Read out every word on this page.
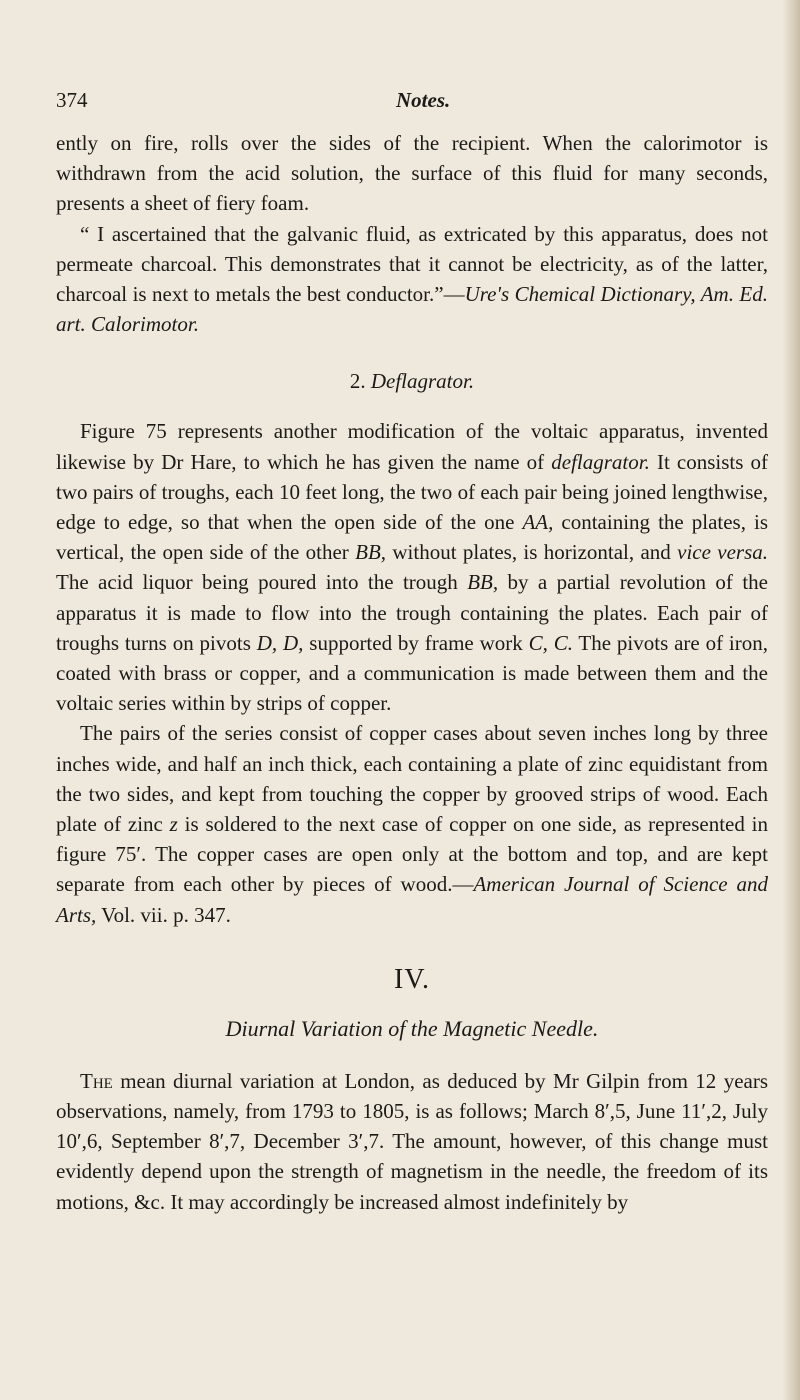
374	Notes.

ently on fire, rolls over the sides of the recipient. When the calorimotor is withdrawn from the acid solution, the surface of this fluid for many seconds, presents a sheet of fiery foam.

“ I ascertained that the galvanic fluid, as extricated by this apparatus, does not permeate charcoal. This demonstrates that it cannot be electricity, as of the latter, charcoal is next to metals the best conductor.”—Ure's Chemical Dictionary, Am. Ed. art. Calorimotor.

2. Deflagrator.

Figure 75 represents another modification of the voltaic apparatus, invented likewise by Dr Hare, to which he has given the name of deflagrator. It consists of two pairs of troughs, each 10 feet long, the two of each pair being joined lengthwise, edge to edge, so that when the open side of the one AA, containing the plates, is vertical, the open side of the other BB, without plates, is horizontal, and vice versa. The acid liquor being poured into the trough BB, by a partial revolution of the apparatus it is made to flow into the trough containing the plates. Each pair of troughs turns on pivots D, D, supported by frame work C, C. The pivots are of iron, coated with brass or copper, and a communication is made between them and the voltaic series within by strips of copper.

The pairs of the series consist of copper cases about seven inches long by three inches wide, and half an inch thick, each containing a plate of zinc equidistant from the two sides, and kept from touching the copper by grooved strips of wood. Each plate of zinc z is soldered to the next case of copper on one side, as represented in figure 75′. The copper cases are open only at the bottom and top, and are kept separate from each other by pieces of wood.—American Journal of Science and Arts, Vol. vii. p. 347.

IV.
Diurnal Variation of the Magnetic Needle.

The mean diurnal variation at London, as deduced by Mr Gilpin from 12 years observations, namely, from 1793 to 1805, is as follows; March 8′,5, June 11′,2, July 10′,6, September 8′,7, December 3′,7. The amount, however, of this change must evidently depend upon the strength of magnetism in the needle, the freedom of its motions, &c. It may accordingly be increased almost indefinitely by
